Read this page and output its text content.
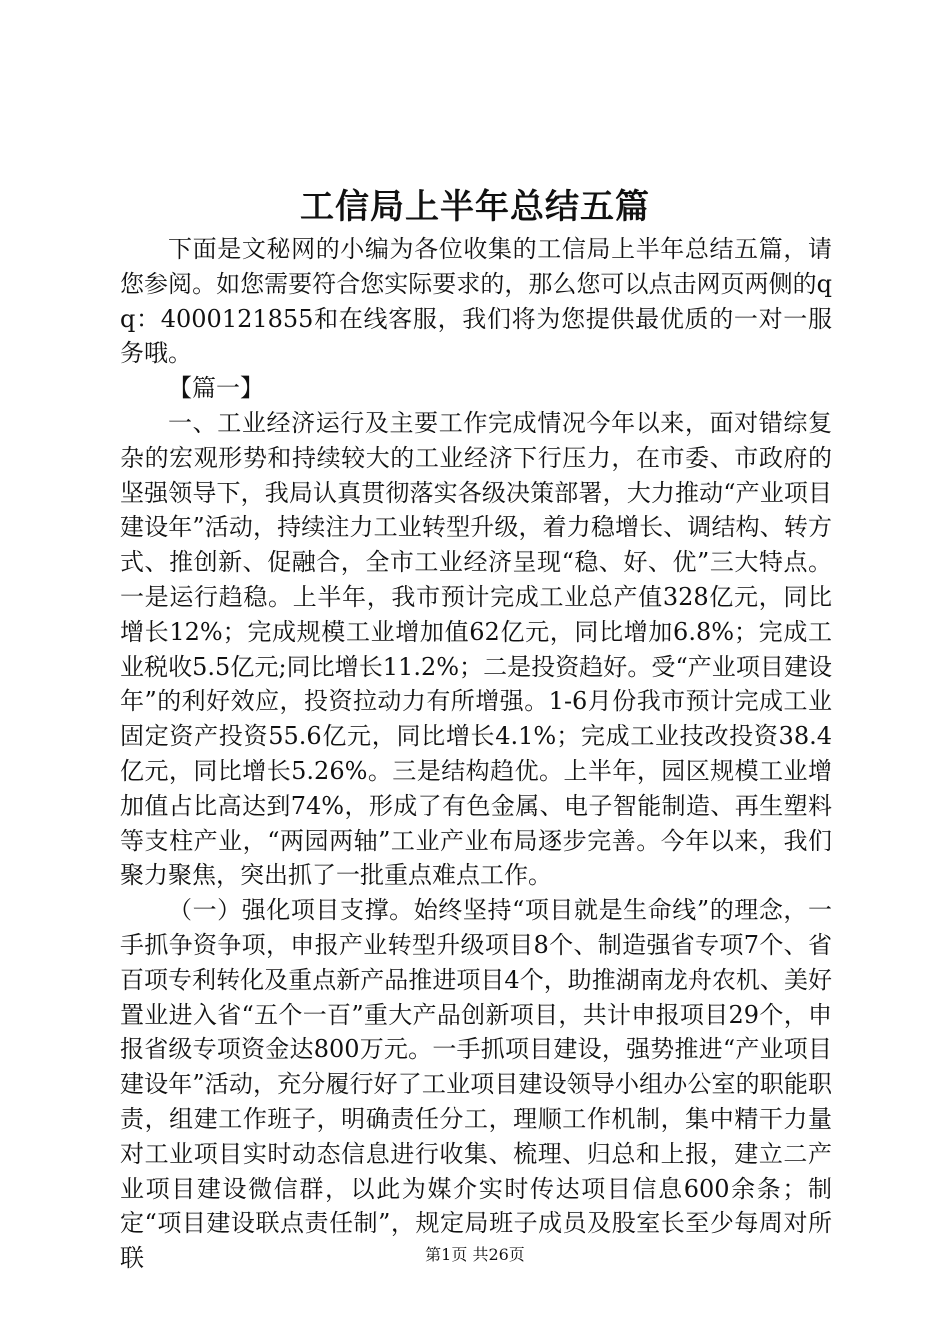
工信局上半年总结五篇

下面是文秘网的小编为各位收集的工信局上半年总结五篇，请您参阅。如您需要符合您实际要求的，那么您可以点击网页两侧的qq：4000121855和在线客服，我们将为您提供最优质的一对一服务哦。

【篇一】

一、工业经济运行及主要工作完成情况今年以来，面对错综复杂的宏观形势和持续较大的工业经济下行压力，在市委、市政府的坚强领导下，我局认真贯彻落实各级决策部署，大力推动“产业项目建设年”活动，持续注力工业转型升级，着力稳增长、调结构、转方式、推创新、促融合，全市工业经济呈现“稳、好、优”三大特点。一是运行趋稳。上半年，我市预计完成工业总产值328亿元，同比增长12%；完成规模工业增加值62亿元，同比增加6.8%；完成工业税收5.5亿元;同比增长11.2%；二是投资趋好。受“产业项目建设年”的利好效应，投资拉动力有所增强。1-6月份我市预计完成工业固定资产投资55.6亿元，同比增长4.1%；完成工业技改投资38.4亿元，同比增长5.26%。三是结构趋优。上半年，园区规模工业增加值占比高达到74%，形成了有色金属、电子智能制造、再生塑料等支柱产业，“两园两轴”工业产业布局逐步完善。今年以来，我们聚力聚焦，突出抓了一批重点难点工作。

（一）强化项目支撑。始终坚持“项目就是生命线”的理念，一手抓争资争项，申报产业转型升级项目8个、制造强省专项7个、省百项专利转化及重点新产品推进项目4个，助推湖南龙舟农机、美好置业进入省“五个一百”重大产品创新项目，共计申报项目29个，申报省级专项资金达800万元。一手抓项目建设，强势推进“产业项目建设年”活动，充分履行好了工业项目建设领导小组办公室的职能职责，组建工作班子，明确责任分工，理顺工作机制，集中精干力量对工业项目实时动态信息进行收集、梳理、归总和上报，建立二产业项目建设微信群，以此为媒介实时传达项目信息600余条；制定“项目建设联点责任制”，规定局班子成员及股室长至少每周对所联	第1页 共26页
